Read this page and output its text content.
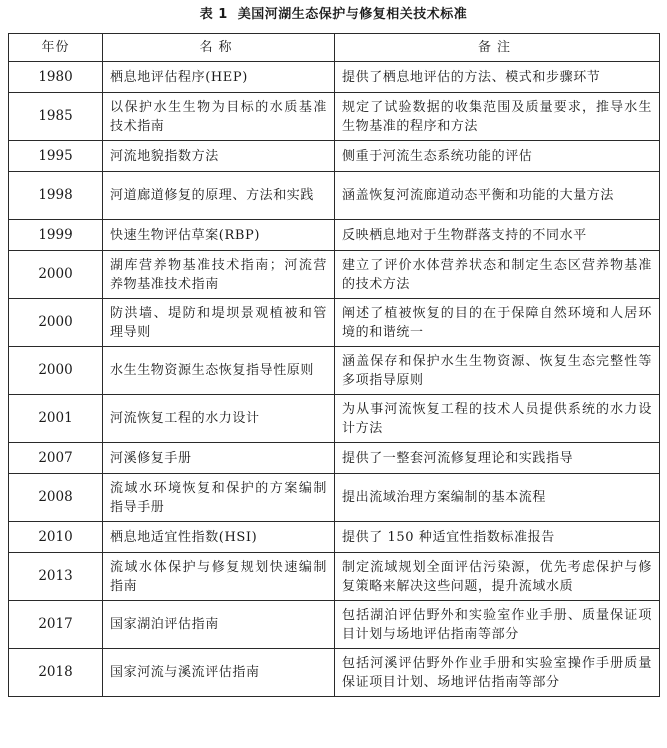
表 1 美国河湖生态保护与修复相关技术标准
年份	名称	备注
1980	栖息地评估程序(HEP)	提供了栖息地评估的方法、模式和步骤环节
1985	以保护水生生物为目标的水质基准技术指南	规定了试验数据的收集范围及质量要求，推导水生生物基准的程序和方法
1995	河流地貌指数方法	侧重于河流生态系统功能的评估
1998	河道廊道修复的原理、方法和实践	涵盖恢复河流廊道动态平衡和功能的大量方法
1999	快速生物评估草案(RBP)	反映栖息地对于生物群落支持的不同水平
2000	湖库营养物基准技术指南；河流营养物基准技术指南	建立了评价水体营养状态和制定生态区营养物基准的技术方法
2000	防洪墙、堤防和堤坝景观植被和管理导则	阐述了植被恢复的目的在于保障自然环境和人居环境的和谐统一
2000	水生生物资源生态恢复指导性原则	涵盖保存和保护水生生物资源、恢复生态完整性等多项指导原则
2001	河流恢复工程的水力设计	为从事河流恢复工程的技术人员提供系统的水力设计方法
2007	河溪修复手册	提供了一整套河流修复理论和实践指导
2008	流域水环境恢复和保护的方案编制指导手册	提出流域治理方案编制的基本流程
2010	栖息地适宜性指数(HSI)	提供了 150 种适宜性指数标准报告
2013	流域水体保护与修复规划快速编制指南	制定流域规划全面评估污染源，优先考虑保护与修复策略来解决这些问题，提升流域水质
2017	国家湖泊评估指南	包括湖泊评估野外和实验室作业手册、质量保证项目计划与场地评估指南等部分
2018	国家河流与溪流评估指南	包括河溪评估野外作业手册和实验室操作手册质量保证项目计划、场地评估指南等部分
